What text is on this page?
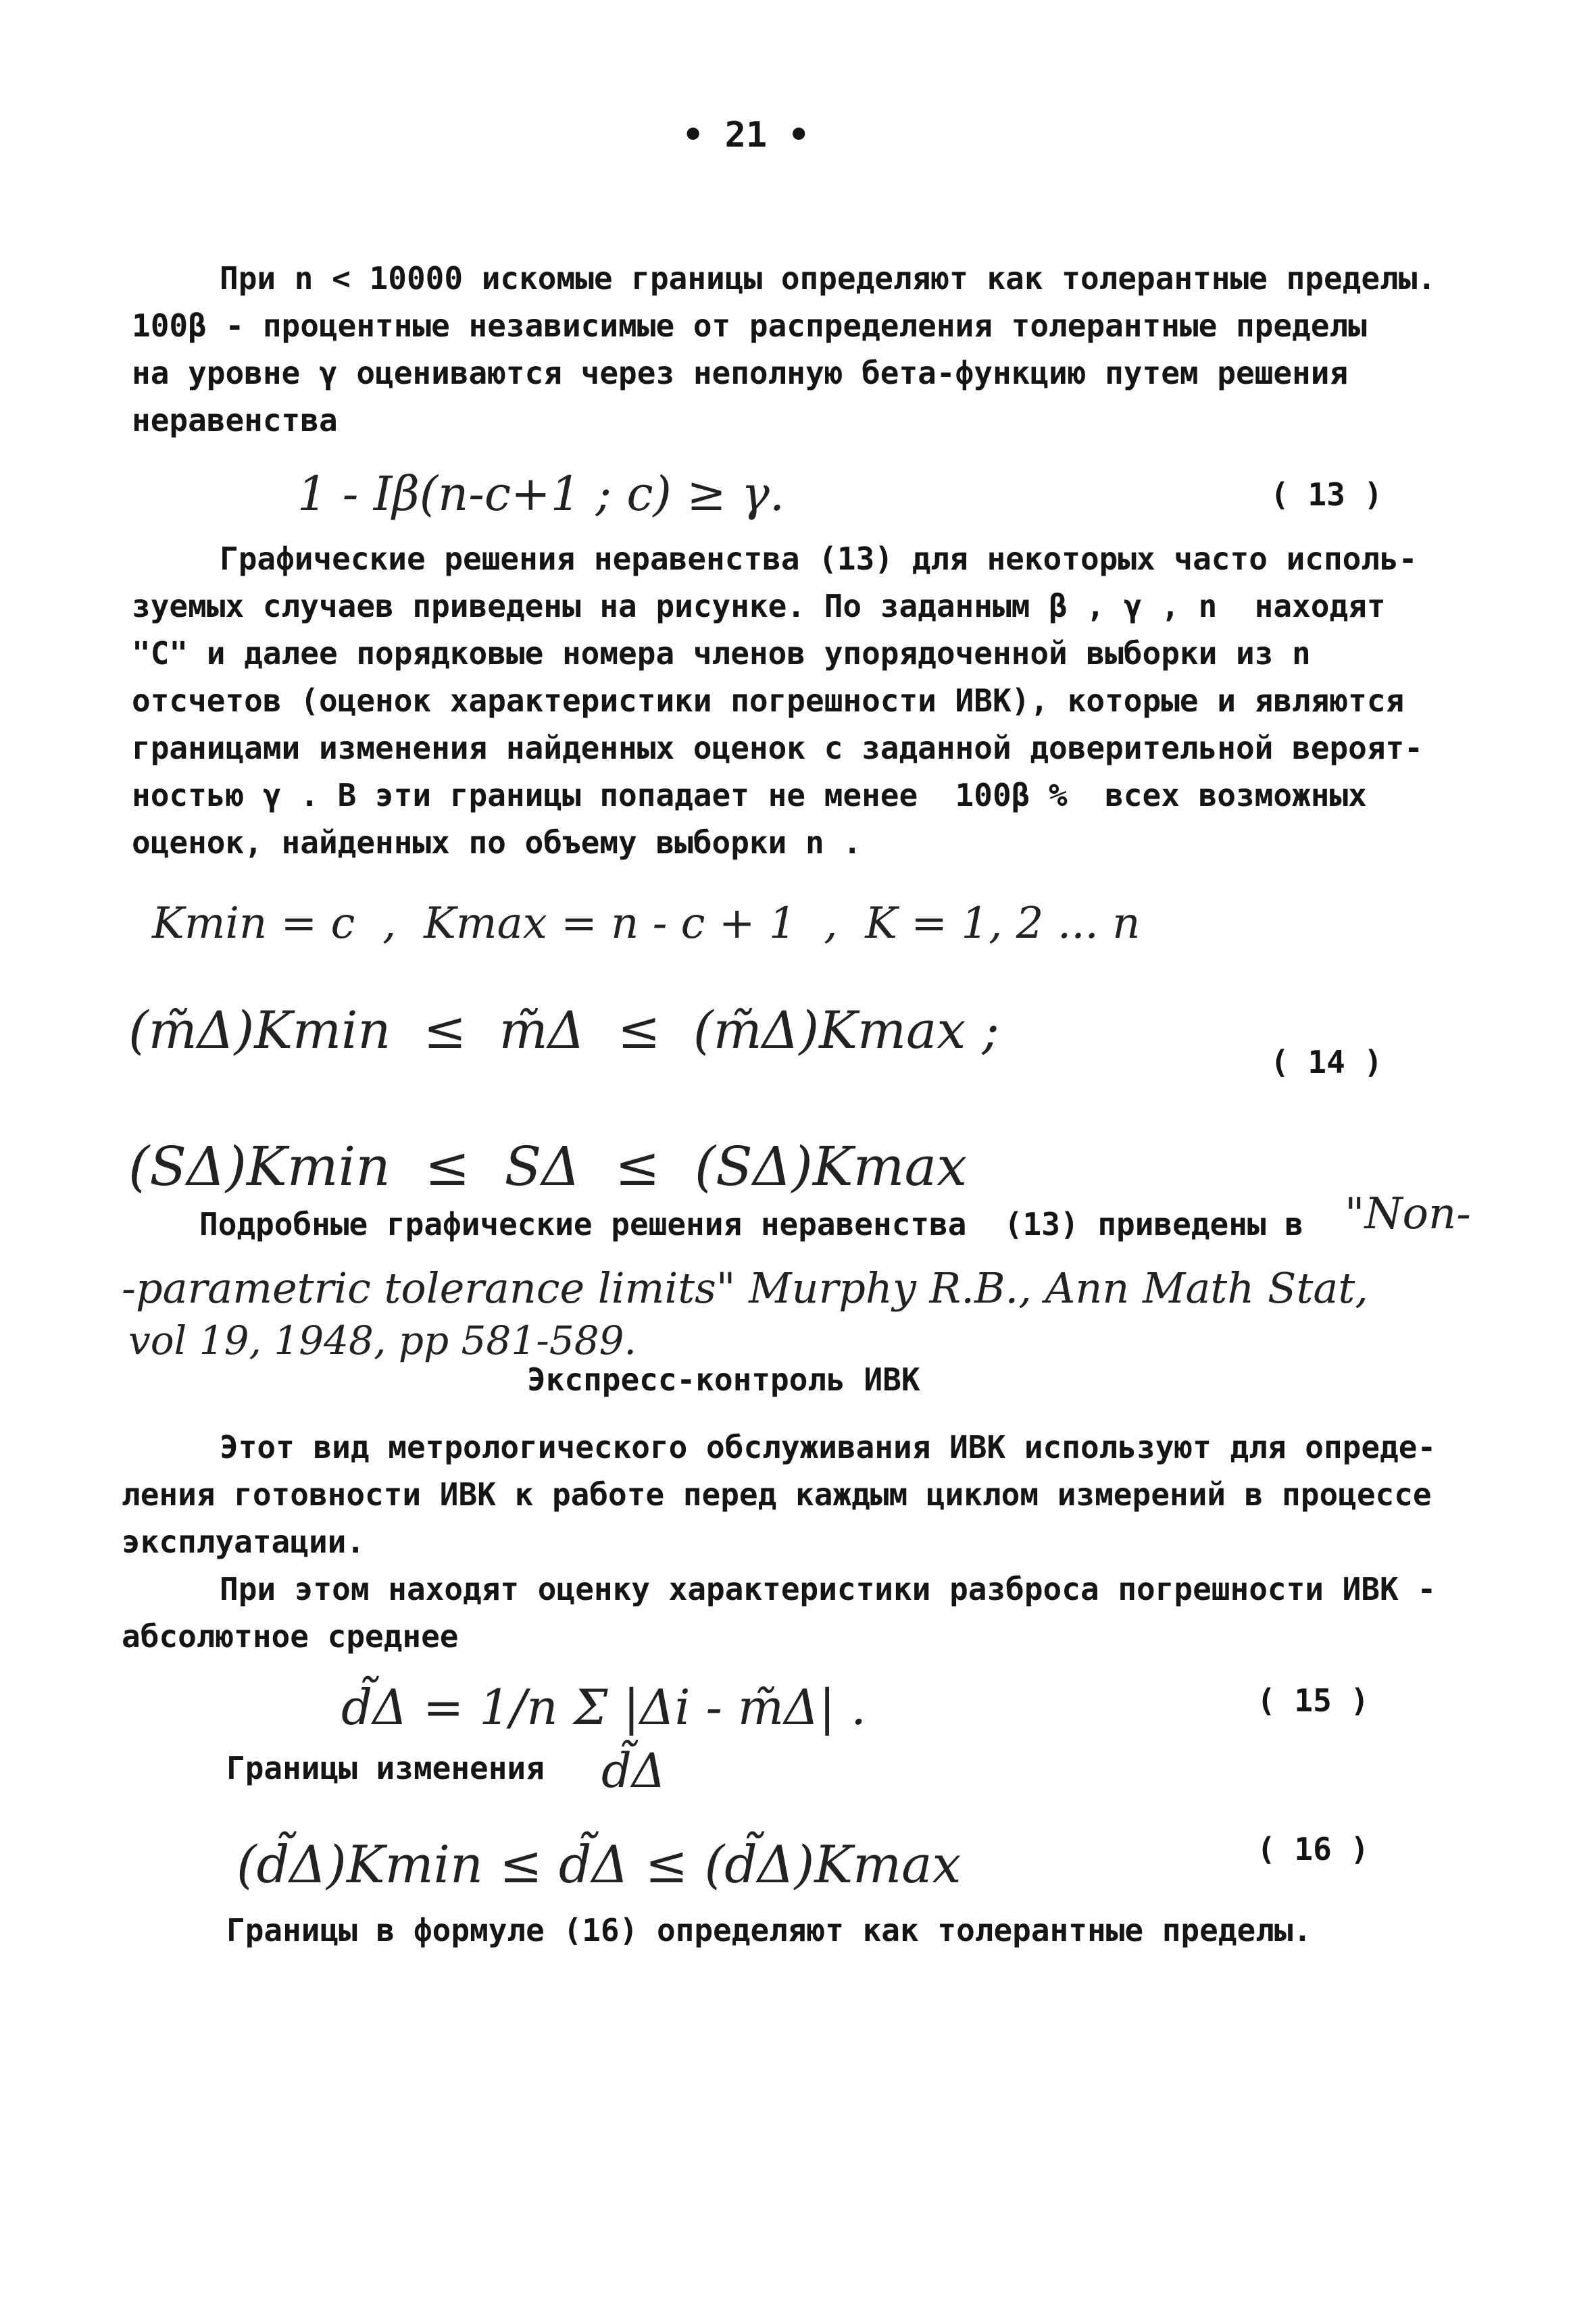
• 21 •
При n < 10000 искомые границы определяют как толерантные пределы.
100β - процентные независимые от распределения толерантные пределы
на уровне γ оцениваются через неполную бета-функцию путем решения
неравенства
1 - Iβ(n-c+1 ; c) ≥ γ.	( 13 )
Графические решения неравенства (13) для некоторых часто исполь-
зуемых случаев приведены на рисунке. По заданным β , γ , n  находят
"C" и далее порядковые номера членов упорядоченной выборки из n
отсчетов (оценок характеристики погрешности ИВК), которые и являются
границами изменения найденных оценок с заданной доверительной вероят-
ностью γ . В эти границы попадает не менее  100β %  всех возможных
оценок, найденных по объему выборки n .
Kmin = c  ,  Kmax = n - c + 1  ,  K = 1, 2 ... n
(m̃Δ)Kmin  ≤  m̃Δ  ≤  (m̃Δ)Kmax ;
( 14 )
(SΔ)Kmin  ≤  SΔ  ≤  (SΔ)Kmax
Подробные графические решения неравенства  (13) приведены в "Non-
-parametric tolerance limits" Murphy R.B., Ann Math Stat,
vol 19, 1948, pp 581-589.
Экспресс-контроль ИВК
Этот вид метрологического обслуживания ИВК используют для опреде-
ления готовности ИВК к работе перед каждым циклом измерений в процессе
эксплуатации.
При этом находят оценку характеристики разброса погрешности ИВК -
абсолютное среднее
d̃Δ = 1/n Σ |Δi - m̃Δ| .	( 15 )
Границы изменения d̃Δ
(d̃Δ)Kmin ≤ d̃Δ ≤ (d̃Δ)Kmax	( 16 )
Границы в формуле (16) определяют как толерантные пределы.
